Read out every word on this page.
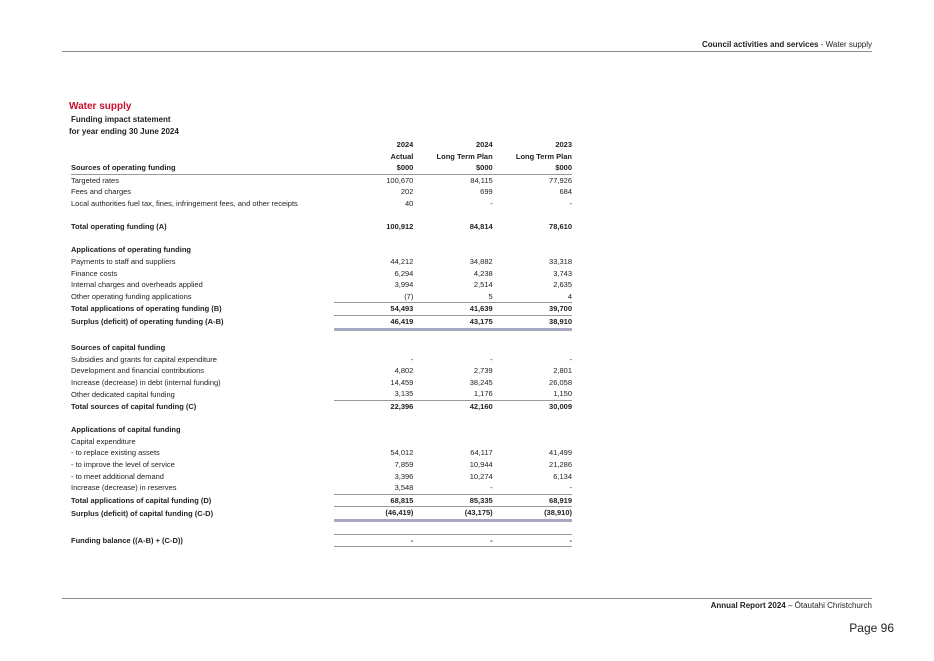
Council activities and services - Water supply
Water supply
Funding impact statement
for year ending 30 June 2024
	2024	2024	2023
	Actual	Long Term Plan	Long Term Plan
Sources of operating funding	$000	$000	$000
Targeted rates	100,670	84,115	77,926
Fees and charges	202	699	684
Local authorities fuel tax, fines, infringement fees, and other receipts	40	-	-

Total operating funding (A)	100,912	84,814	78,610

Applications of operating funding			
Payments to staff and suppliers	44,212	34,882	33,318
Finance costs	6,294	4,238	3,743
Internal charges and overheads applied	3,994	2,514	2,635
Other operating funding applications	(7)	5	4
Total applications of operating funding (B)	54,493	41,639	39,700
Surplus (deficit) of operating funding (A-B)	46,419	43,175	38,910

Sources of capital funding			
Subsidies and grants for capital expenditure	-	-	-
Development and financial contributions	4,802	2,739	2,801
Increase (decrease) in debt (internal funding)	14,459	38,245	26,058
Other dedicated capital funding	3,135	1,176	1,150
Total sources of capital funding (C)	22,396	42,160	30,009

Applications of capital funding			
Capital expenditure			
- to replace existing assets	54,012	64,117	41,499
- to improve the level of service	7,859	10,944	21,286
- to meet additional demand	3,396	10,274	6,134
Increase (decrease) in reserves	3,548	-	-
Total applications of capital funding (D)	68,815	85,335	68,919
Surplus (deficit) of capital funding (C-D)	(46,419)	(43,175)	(38,910)

Funding balance ((A-B) + (C-D))	-	-	-
Annual Report 2024 – Ōtautahi Christchurch
Page 96
